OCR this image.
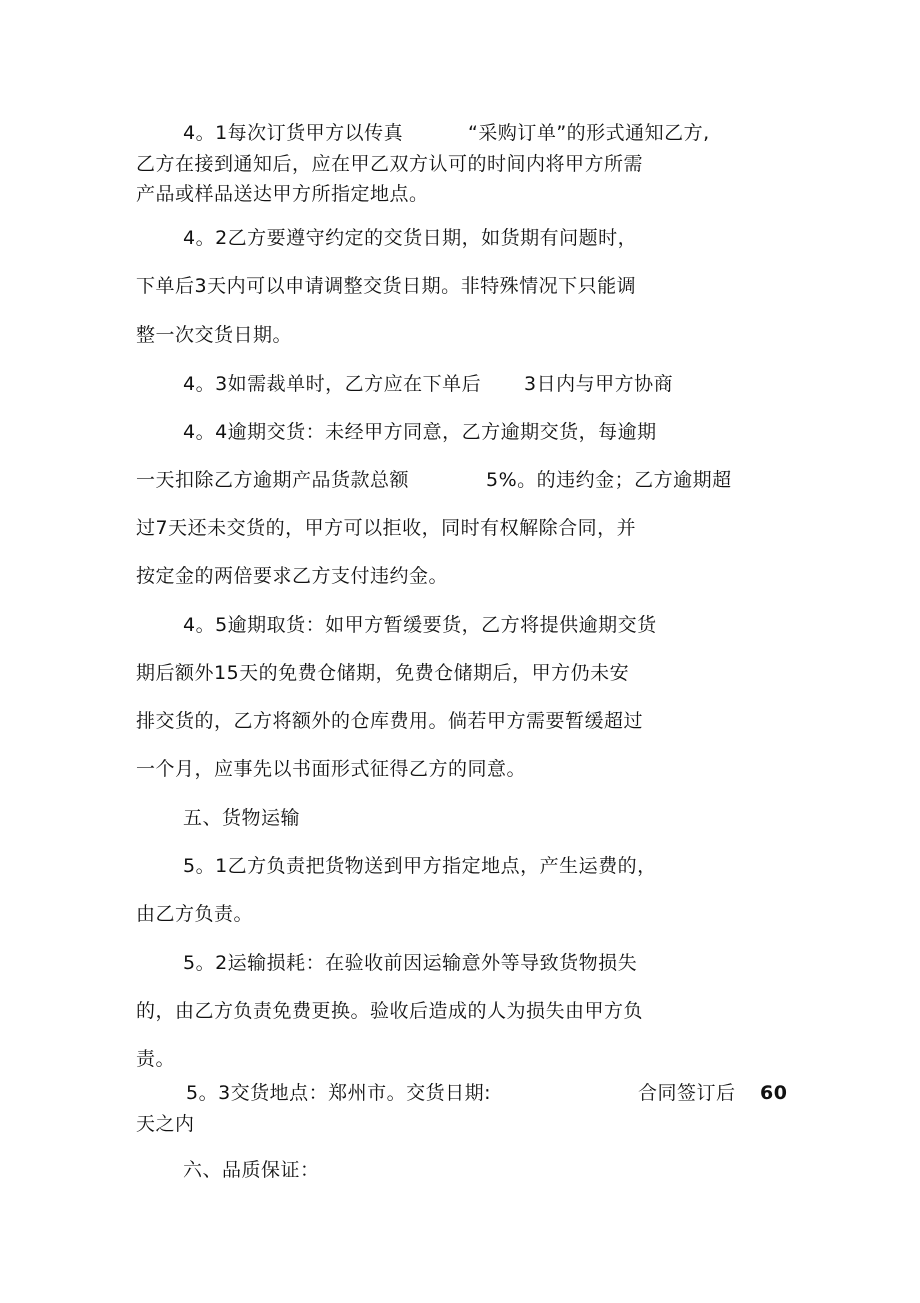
4。1每次订货甲方以传真	“采购订单”的形式通知乙方,
乙方在接到通知后，应在甲乙双方认可的时间内将甲方所需
产品或样品送达甲方所指定地点。
4。2乙方要遵守约定的交货日期，如货期有问题时，
下单后3天内可以申请调整交货日期。非特殊情况下只能调
整一次交货日期。
4。3如需裁单时，乙方应在下单后 3日内与甲方协商
4。4逾期交货：未经甲方同意，乙方逾期交货，每逾期
一天扣除乙方逾期产品货款总额	5%。的违约金；乙方逾期超
过7天还未交货的，甲方可以拒收，同时有权解除合同，并
按定金的两倍要求乙方支付违约金。
4。5逾期取货：如甲方暂缓要货，乙方将提供逾期交货
期后额外15天的免费仓储期，免费仓储期后，甲方仍未安
排交货的，乙方将额外的仓库费用。倘若甲方需要暂缓超过
一个月，应事先以书面形式征得乙方的同意。
五、货物运输
5。1乙方负责把货物送到甲方指定地点，产生运费的，
由乙方负责。
5。2运输损耗：在验收前因运输意外等导致货物损失
的，由乙方负责免费更换。验收后造成的人为损失由甲方负
责。
5。3交货地点：郑州市。交货日期:	合同签订后 60
天之内
六、品质保证：
